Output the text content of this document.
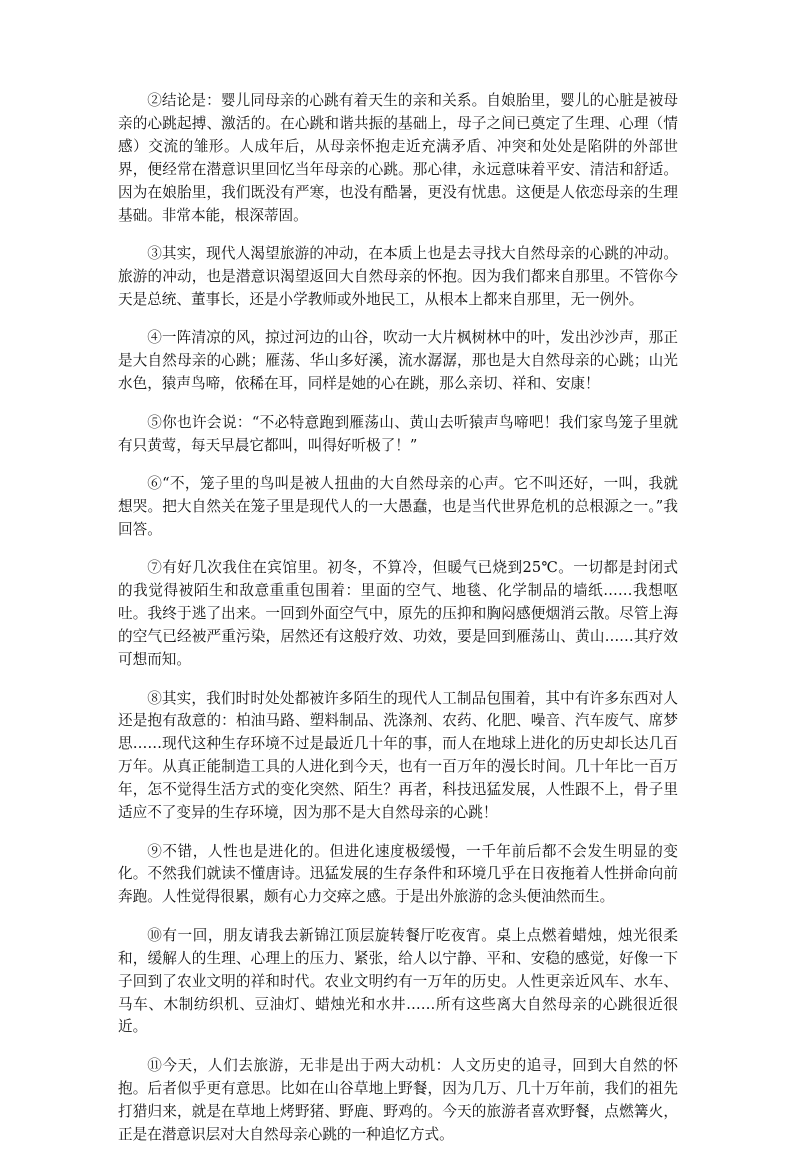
②结论是：婴儿同母亲的心跳有着天生的亲和关系。自娘胎里，婴儿的心脏是被母亲的心跳起搏、激活的。在心跳和谐共振的基础上，母子之间已奠定了生理、心理（情感）交流的雏形。人成年后，从母亲怀抱走近充满矛盾、冲突和处处是陷阱的外部世界，便经常在潜意识里回忆当年母亲的心跳。那心律，永远意味着平安、清洁和舒适。因为在娘胎里，我们既没有严寒，也没有酷暑，更没有忧患。这便是人依恋母亲的生理基础。非常本能，根深蒂固。

③其实，现代人渴望旅游的冲动，在本质上也是去寻找大自然母亲的心跳的冲动。旅游的冲动，也是潜意识渴望返回大自然母亲的怀抱。因为我们都来自那里。不管你今天是总统、董事长，还是小学教师或外地民工，从根本上都来自那里，无一例外。

④一阵清凉的风，掠过河边的山谷，吹动一大片枫树林中的叶，发出沙沙声，那正是大自然母亲的心跳；雁荡、华山多好溪，流水潺潺，那也是大自然母亲的心跳；山光水色，猿声鸟啼，依稀在耳，同样是她的心在跳，那么亲切、祥和、安康！

⑤你也许会说：“不必特意跑到雁荡山、黄山去听猿声鸟啼吧！我们家鸟笼子里就有只黄莺，每天早晨它都叫，叫得好听极了！”

⑥“不，笼子里的鸟叫是被人扭曲的大自然母亲的心声。它不叫还好，一叫，我就想哭。把大自然关在笼子里是现代人的一大愚蠢，也是当代世界危机的总根源之一。”我回答。

⑦有好几次我住在宾馆里。初冬，不算冷，但暖气已烧到25℃。一切都是封闭式的我觉得被陌生和敌意重重包围着：里面的空气、地毯、化学制品的墙纸……我想呕吐。我终于逃了出来。一回到外面空气中，原先的压抑和胸闷感便烟消云散。尽管上海的空气已经被严重污染，居然还有这般疗效、功效，要是回到雁荡山、黄山……其疗效可想而知。

⑧其实，我们时时处处都被许多陌生的现代人工制品包围着，其中有许多东西对人还是抱有敌意的：柏油马路、塑料制品、洗涤剂、农药、化肥、噪音、汽车废气、席梦思……现代这种生存环境不过是最近几十年的事，而人在地球上进化的历史却长达几百万年。从真正能制造工具的人进化到今天，也有一百万年的漫长时间。几十年比一百万年，怎不觉得生活方式的变化突然、陌生？再者，科技迅猛发展，人性跟不上，骨子里适应不了变异的生存环境，因为那不是大自然母亲的心跳！

⑨不错，人性也是进化的。但进化速度极缓慢，一千年前后都不会发生明显的变化。不然我们就读不懂唐诗。迅猛发展的生存条件和环境几乎在日夜拖着人性拼命向前奔跑。人性觉得很累，颇有心力交瘁之感。于是出外旅游的念头便油然而生。

⑩有一回，朋友请我去新锦江顶层旋转餐厅吃夜宵。桌上点燃着蜡烛，烛光很柔和，缓解人的生理、心理上的压力、紧张，给人以宁静、平和、安稳的感觉，好像一下子回到了农业文明的祥和时代。农业文明约有一万年的历史。人性更亲近风车、水车、马车、木制纺织机、豆油灯、蜡烛光和水井……所有这些离大自然母亲的心跳很近很近。

⑪今天，人们去旅游，无非是出于两大动机：人文历史的追寻，回到大自然的怀抱。后者似乎更有意思。比如在山谷草地上野餐，因为几万、几十万年前，我们的祖先打猎归来，就是在草地上烤野猪、野鹿、野鸡的。今天的旅游者喜欢野餐，点燃篝火，正是在潜意识层对大自然母亲心跳的一种追忆方式。
